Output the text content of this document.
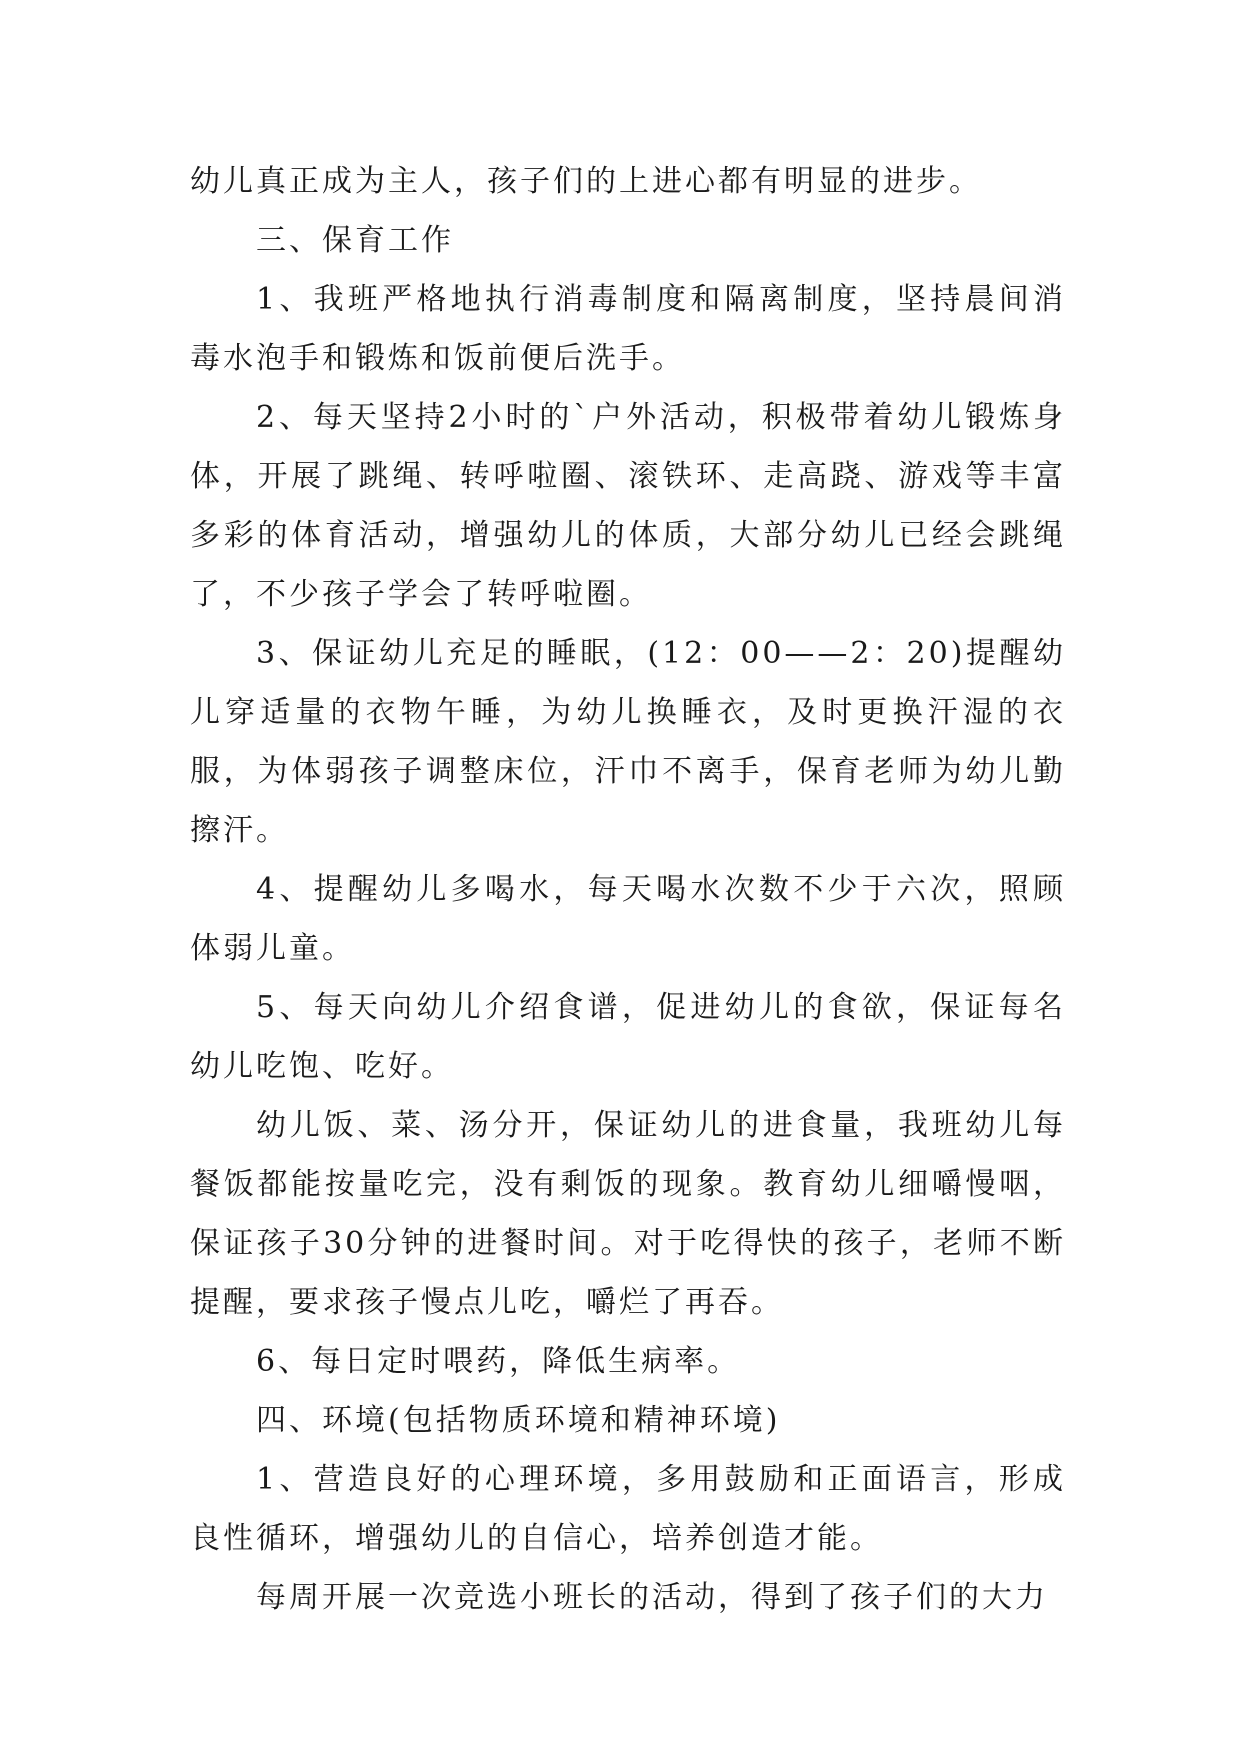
幼儿真正成为主人，孩子们的上进心都有明显的进步。

三、保育工作

1、我班严格地执行消毒制度和隔离制度，坚持晨间消毒水泡手和锻炼和饭前便后洗手。

2、每天坚持2小时的`户外活动，积极带着幼儿锻炼身体，开展了跳绳、转呼啦圈、滚铁环、走高跷、游戏等丰富多彩的体育活动，增强幼儿的体质，大部分幼儿已经会跳绳了，不少孩子学会了转呼啦圈。

3、保证幼儿充足的睡眠，(12：00——2：20)提醒幼儿穿适量的衣物午睡，为幼儿换睡衣，及时更换汗湿的衣服，为体弱孩子调整床位，汗巾不离手，保育老师为幼儿勤擦汗。

4、提醒幼儿多喝水，每天喝水次数不少于六次，照顾体弱儿童。

5、每天向幼儿介绍食谱，促进幼儿的食欲，保证每名幼儿吃饱、吃好。

幼儿饭、菜、汤分开，保证幼儿的进食量，我班幼儿每餐饭都能按量吃完，没有剩饭的现象。教育幼儿细嚼慢咽，保证孩子30分钟的进餐时间。对于吃得快的孩子，老师不断提醒，要求孩子慢点儿吃，嚼烂了再吞。

6、每日定时喂药，降低生病率。

四、环境(包括物质环境和精神环境)

1、营造良好的心理环境，多用鼓励和正面语言，形成良性循环，增强幼儿的自信心，培养创造才能。

每周开展一次竞选小班长的活动，得到了孩子们的大力
